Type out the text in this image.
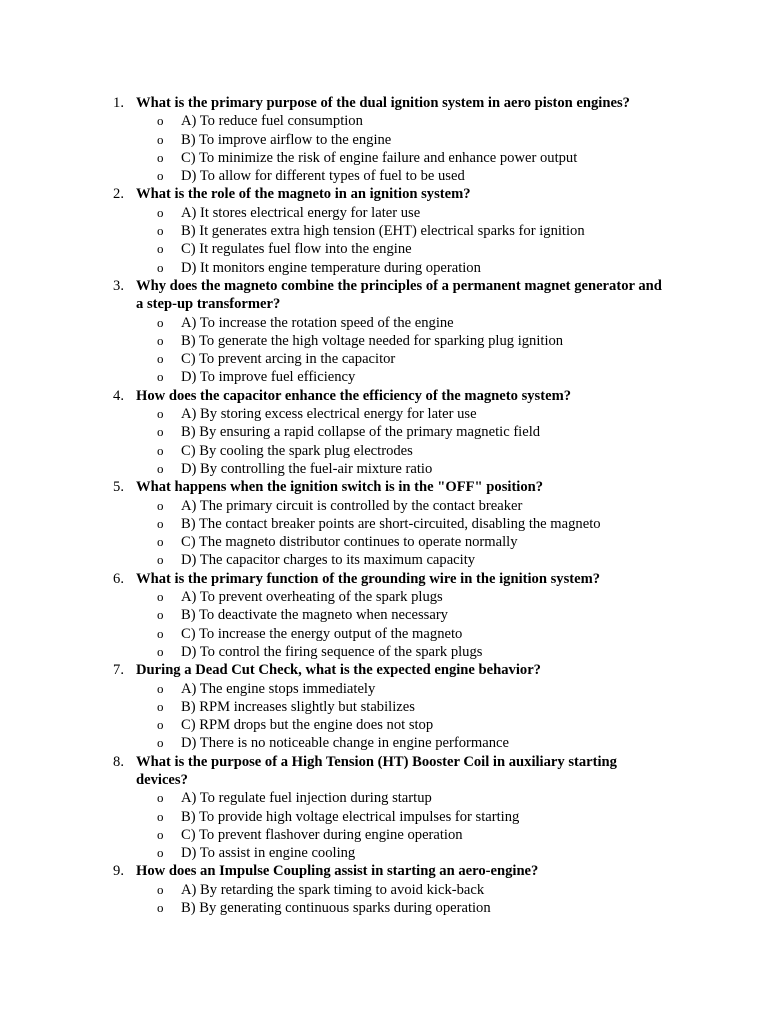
1. What is the primary purpose of the dual ignition system in aero piston engines?
o A) To reduce fuel consumption
o B) To improve airflow to the engine
o C) To minimize the risk of engine failure and enhance power output
o D) To allow for different types of fuel to be used
2. What is the role of the magneto in an ignition system?
o A) It stores electrical energy for later use
o B) It generates extra high tension (EHT) electrical sparks for ignition
o C) It regulates fuel flow into the engine
o D) It monitors engine temperature during operation
3. Why does the magneto combine the principles of a permanent magnet generator and a step-up transformer?
o A) To increase the rotation speed of the engine
o B) To generate the high voltage needed for sparking plug ignition
o C) To prevent arcing in the capacitor
o D) To improve fuel efficiency
4. How does the capacitor enhance the efficiency of the magneto system?
o A) By storing excess electrical energy for later use
o B) By ensuring a rapid collapse of the primary magnetic field
o C) By cooling the spark plug electrodes
o D) By controlling the fuel-air mixture ratio
5. What happens when the ignition switch is in the "OFF" position?
o A) The primary circuit is controlled by the contact breaker
o B) The contact breaker points are short-circuited, disabling the magneto
o C) The magneto distributor continues to operate normally
o D) The capacitor charges to its maximum capacity
6. What is the primary function of the grounding wire in the ignition system?
o A) To prevent overheating of the spark plugs
o B) To deactivate the magneto when necessary
o C) To increase the energy output of the magneto
o D) To control the firing sequence of the spark plugs
7. During a Dead Cut Check, what is the expected engine behavior?
o A) The engine stops immediately
o B) RPM increases slightly but stabilizes
o C) RPM drops but the engine does not stop
o D) There is no noticeable change in engine performance
8. What is the purpose of a High Tension (HT) Booster Coil in auxiliary starting devices?
o A) To regulate fuel injection during startup
o B) To provide high voltage electrical impulses for starting
o C) To prevent flashover during engine operation
o D) To assist in engine cooling
9. How does an Impulse Coupling assist in starting an aero-engine?
o A) By retarding the spark timing to avoid kick-back
o B) By generating continuous sparks during operation
